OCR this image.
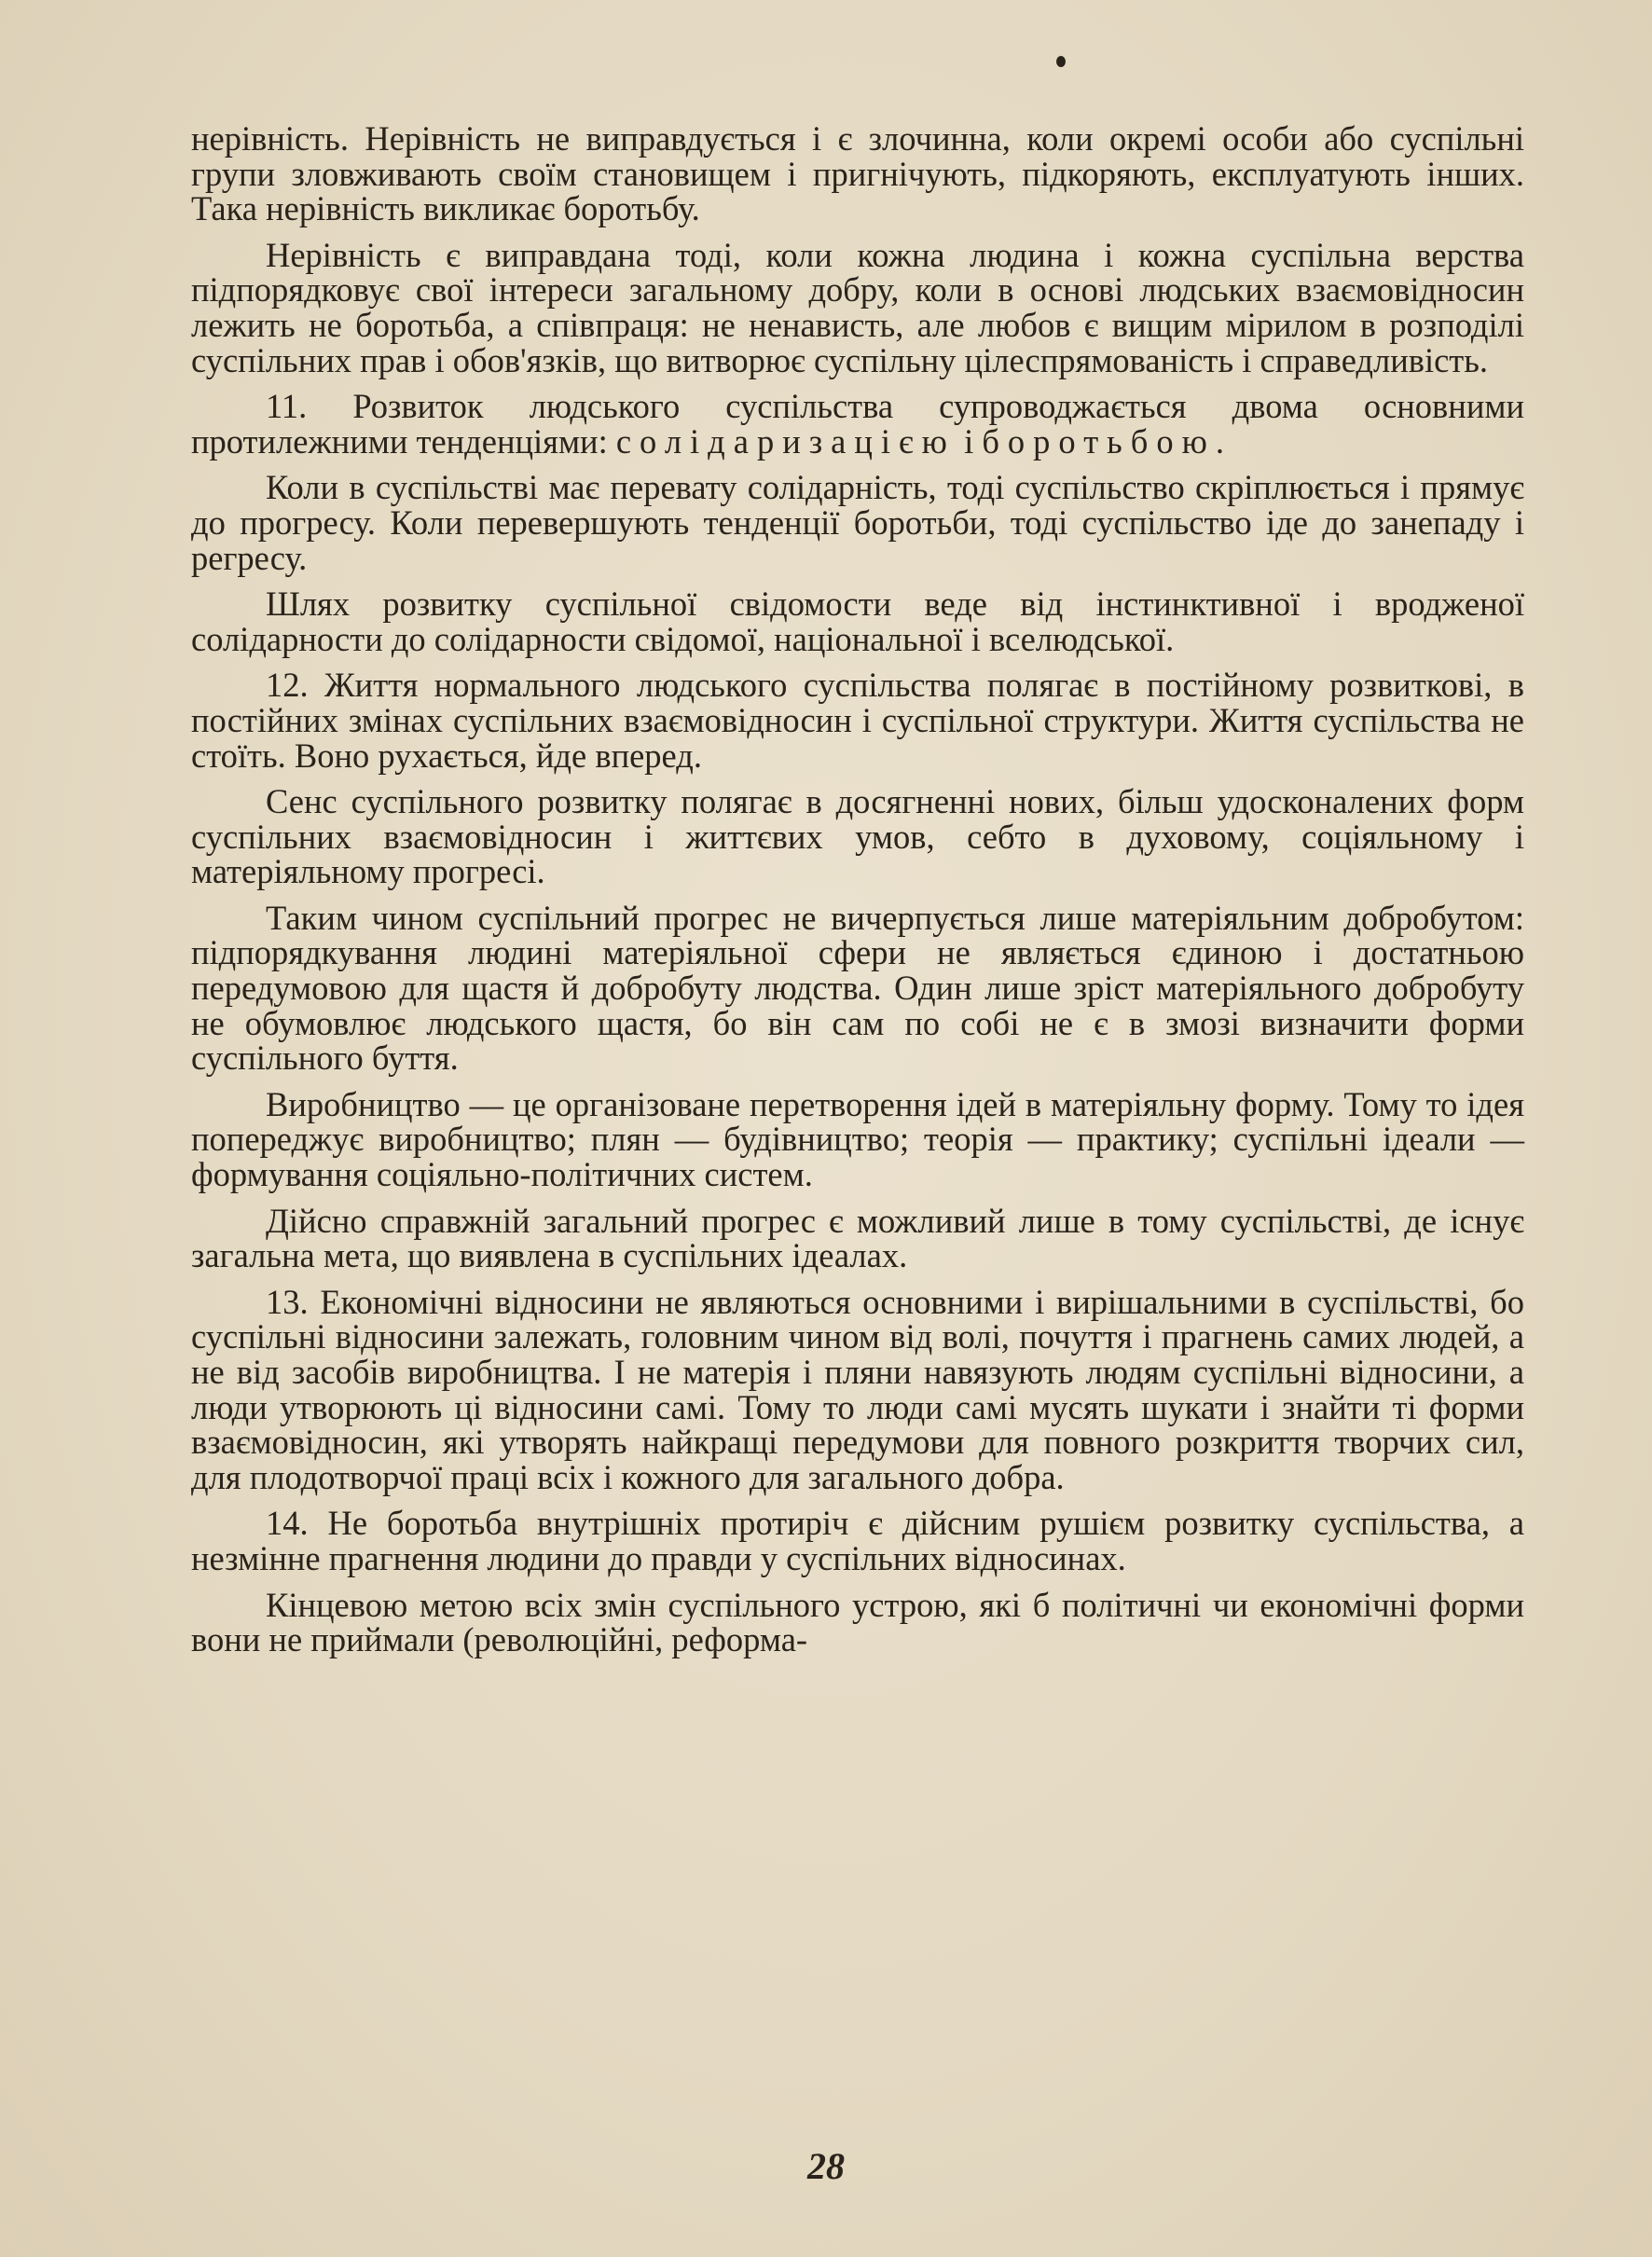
нерівність. Нерівність не виправдується і є злочинна, коли окремі особи або суспільні групи зловживають своїм становищем і пригнічують, підкоряють, експлуатують інших. Така нерівність викликає боротьбу.

Нерівність є виправдана тоді, коли кожна людина і кожна суспільна верства підпорядковує свої інтереси загальному добру, коли в основі людських взаємовідносин лежить не боротьба, а співпраця: не ненависть, але любов є вищим мірилом в розподілі суспільних прав і обов'язків, що витворює суспільну цілеспрямованість і справедливість.

11. Розвиток людського суспільства супроводжається двома основними протилежними тенденціями: солідаризацією і боротьбою.

Коли в суспільстві має перевату солідарність, тоді суспільство скріплюється і прямує до прогресу. Коли перевершують тенденції боротьби, тоді суспільство іде до занепаду і регресу.

Шлях розвитку суспільної свідомости веде від інстинктивної і вродженої солідарности до солідарности свідомої, національної і вселюдської.

12. Життя нормального людського суспільства полягає в постійному розвиткові, в постійних змінах суспільних взаємовідносин і суспільної структури. Життя суспільства не стоїть. Воно рухається, йде вперед.

Сенс суспільного розвитку полягає в досягненні нових, більш удосконалених форм суспільних взаємовідносин і життєвих умов, себто в духовому, соціяльному і матеріяльному прогресі.

Таким чином суспільний прогрес не вичерпується лише матеріяльним добробутом: підпорядкування людині матеріяльної сфери не являється єдиною і достатньою передумовою для щастя й добробуту людства. Один лише зріст матеріяльного добробуту не обумовлює людського щастя, бо він сам по собі не є в змозі визначити форми суспільного буття.

Виробництво — це організоване перетворення ідей в матеріяльну форму. Тому то ідея попереджує виробництво; плян — будівництво; теорія — практику; суспільні ідеали — формування соціяльно-політичних систем.

Дійсно справжній загальний прогрес є можливий лише в тому суспільстві, де існує загальна мета, що виявлена в суспільних ідеалах.

13. Економічні відносини не являються основними і вирішальними в суспільстві, бо суспільні відносини залежать, головним чином від волі, почуття і прагнень самих людей, а не від засобів виробництва. І не матерія і пляни навязують людям суспільні відносини, а люди утворюють ці відносини самі. Тому то люди самі мусять шукати і знайти ті форми взаємовідносин, які утворять найкращі передумови для повного розкриття творчих сил, для плодотворчої праці всіх і кожного для загального добра.

14. Не боротьба внутрішніх протиріч є дійсним рушієм розвитку суспільства, а незмінне прагнення людини до правди у суспільних відносинах.

Кінцевою метою всіх змін суспільного устрою, які б політичні чи економічні форми вони не приймали (революційні, реформа-

28
